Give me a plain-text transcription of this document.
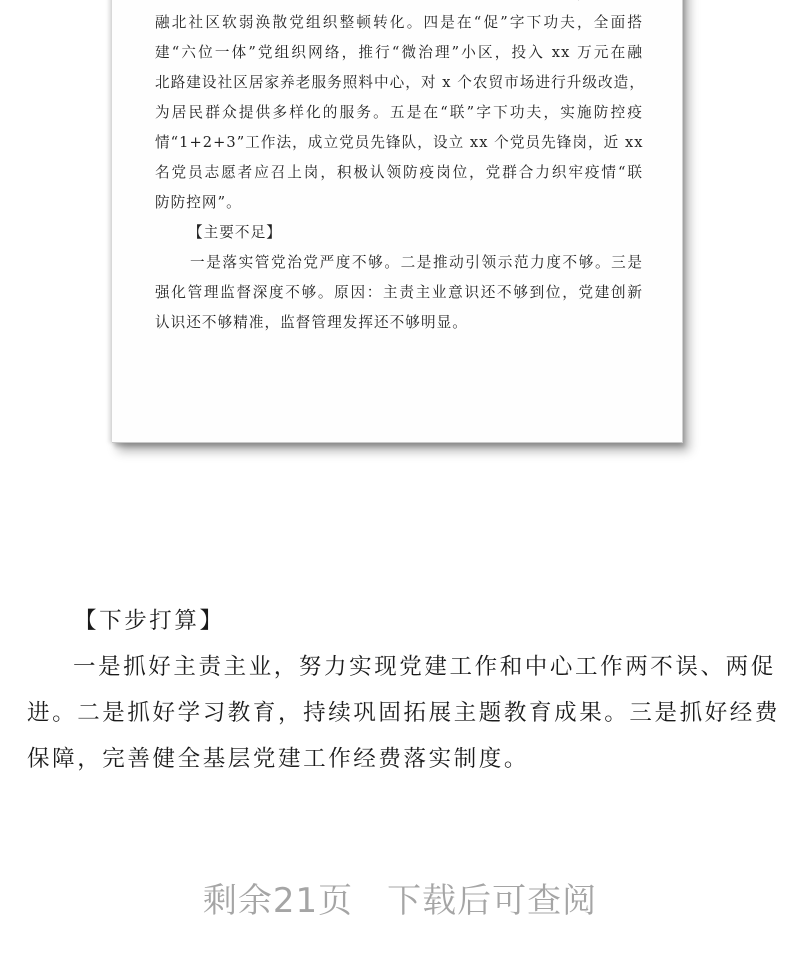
融北社区软弱涣散党组织整顿转化。四是在“促”字下功夫，全面搭
建“六位一体”党组织网络，推行“微治理”小区，投入 xx 万元在融
北路建设社区居家养老服务照料中心，对 x 个农贸市场进行升级改造，
为居民群众提供多样化的服务。五是在“联”字下功夫，实施防控疫
情“1+2+3”工作法，成立党员先锋队，设立 xx 个党员先锋岗，近 xx
名党员志愿者应召上岗，积极认领防疫岗位，党群合力织牢疫情“联
防防控网”。
【主要不足】
一是落实管党治党严度不够。二是推动引领示范力度不够。三是
强化管理监督深度不够。原因：主责主业意识还不够到位，党建创新
认识还不够精准，监督管理发挥还不够明显。
【下步打算】
一是抓好主责主业，努力实现党建工作和中心工作两不误、两促
进。二是抓好学习教育，持续巩固拓展主题教育成果。三是抓好经费
保障，完善健全基层党建工作经费落实制度。
剩余21页 下载后可查阅
